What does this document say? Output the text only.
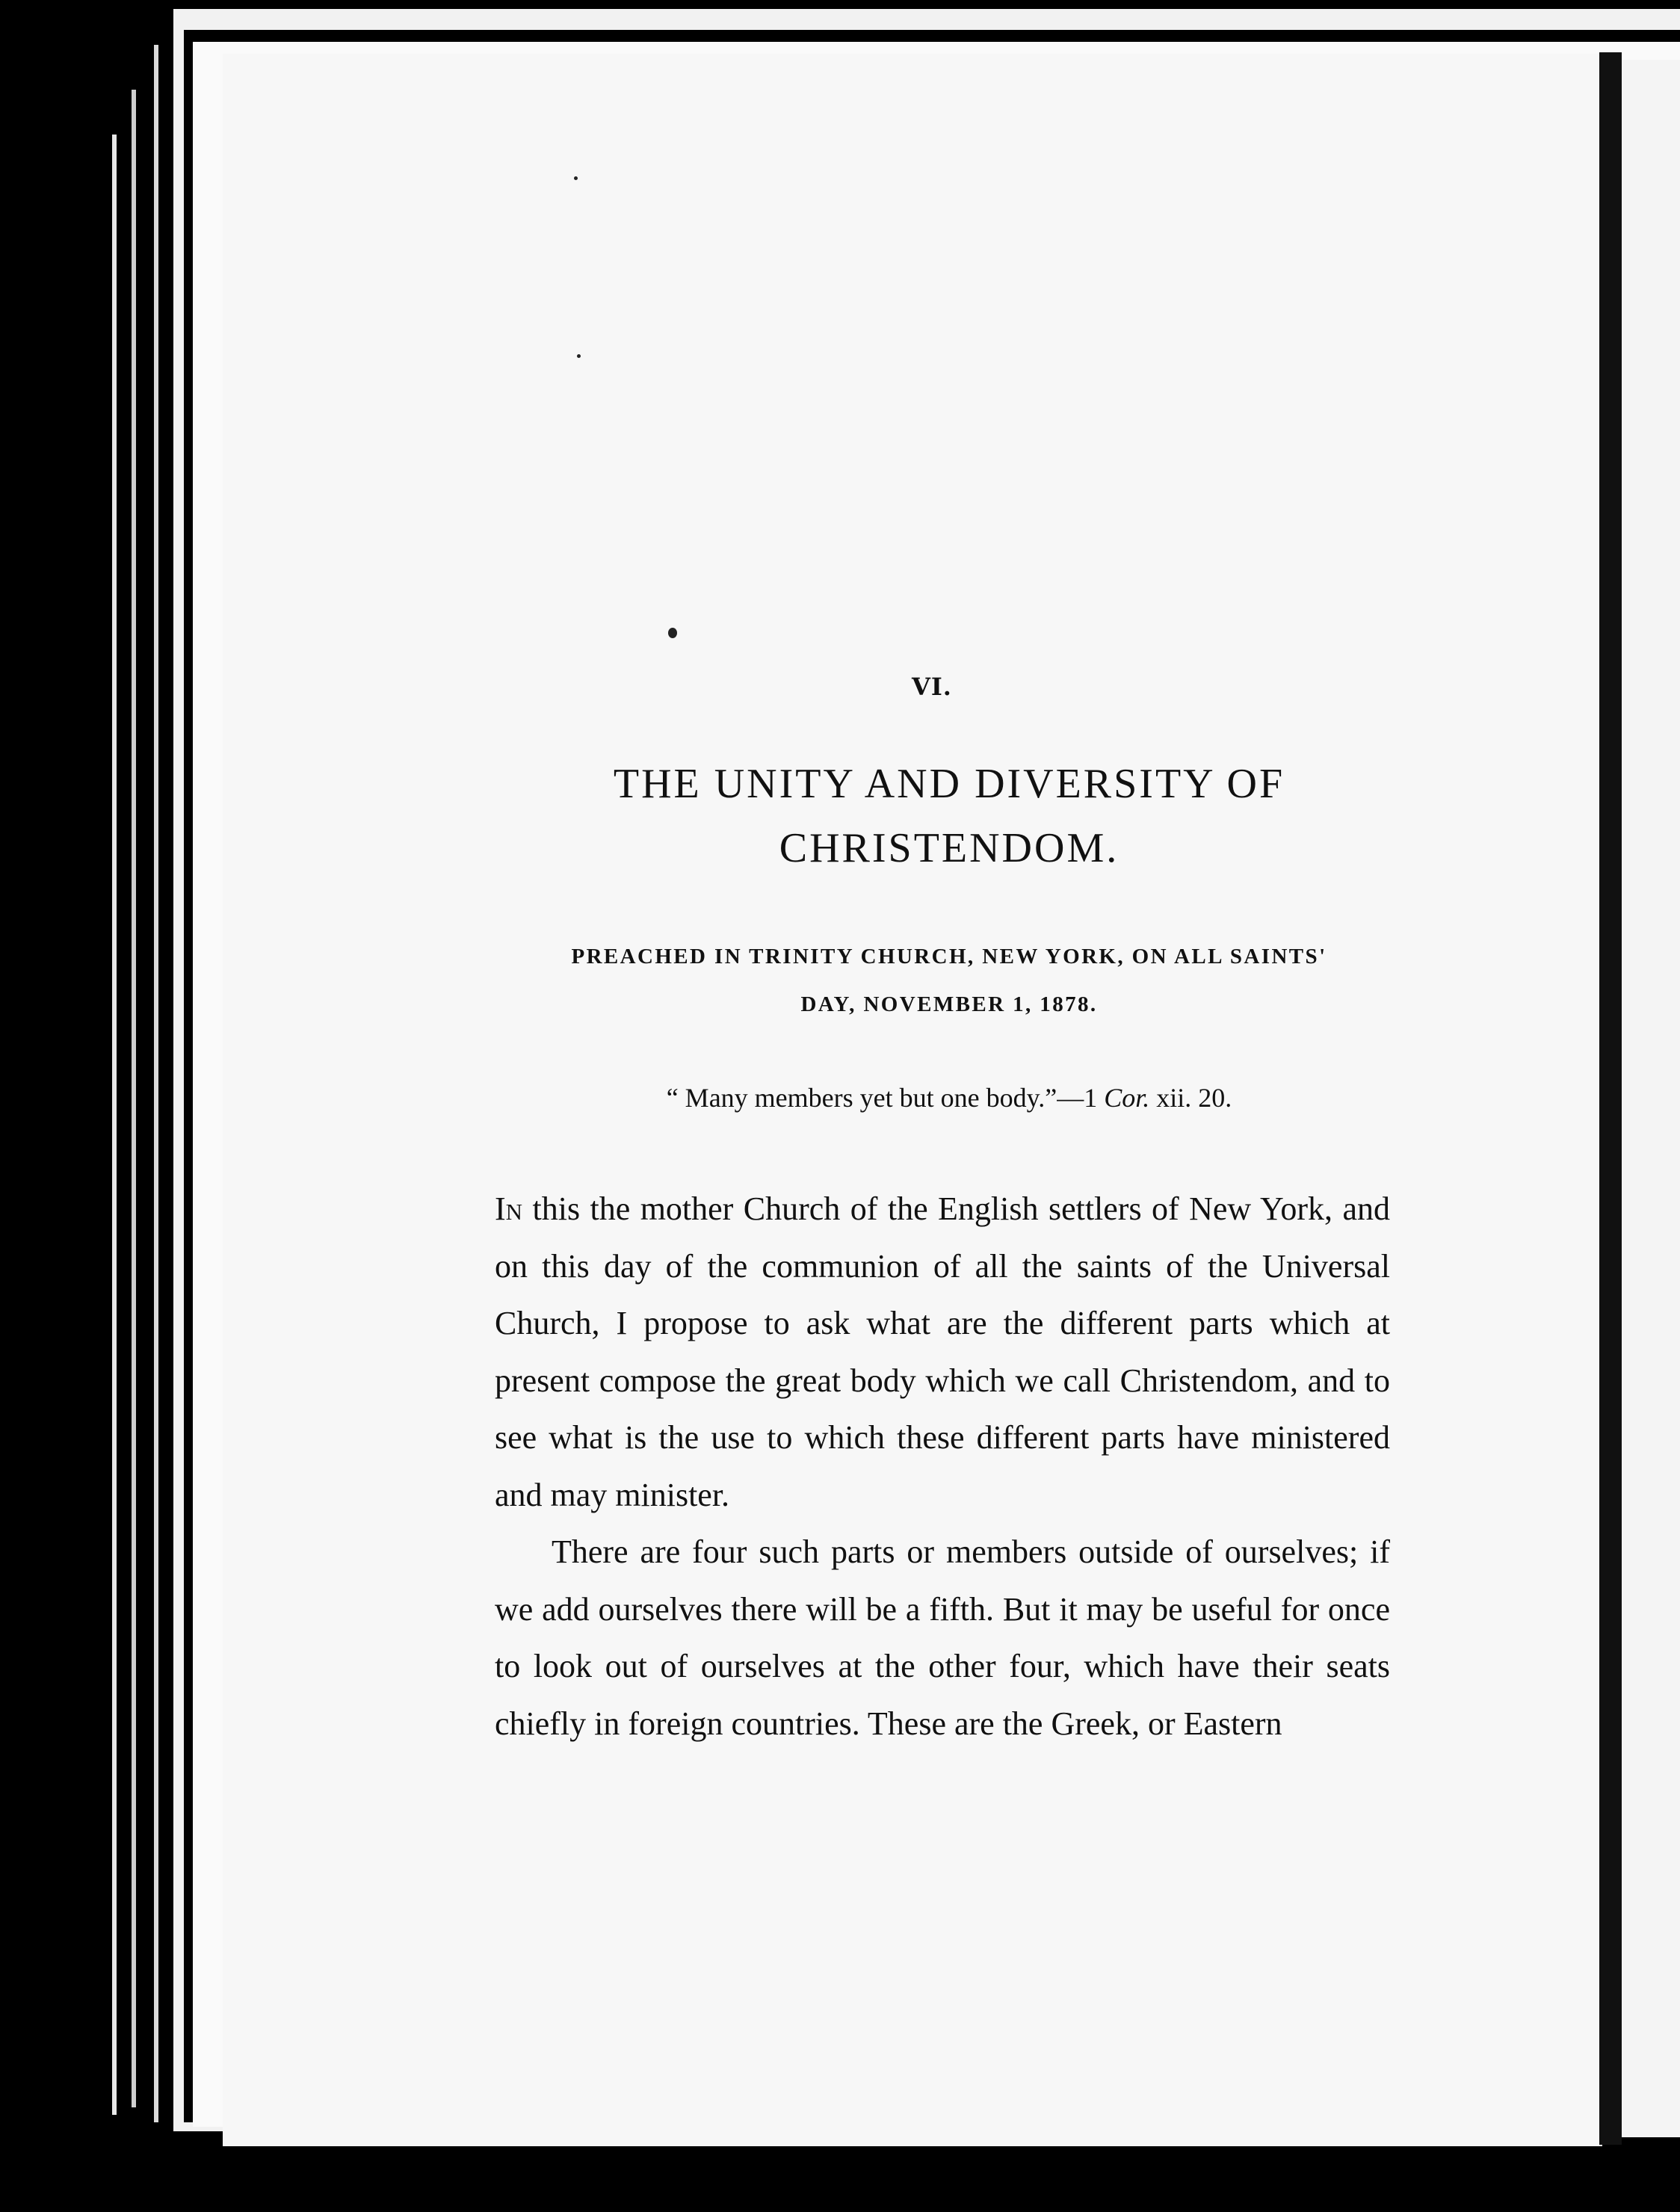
VI.
THE UNITY AND DIVERSITY OF
CHRISTENDOM.
PREACHED IN TRINITY CHURCH, NEW YORK, ON ALL SAINTS'
DAY, NOVEMBER 1, 1878.
“ Many members yet but one body.”—1 Cor. xii. 20.

In this the mother Church of the English settlers of New York, and on this day of the communion of all the saints of the Universal Church, I propose to ask what are the different parts which at present compose the great body which we call Christendom, and to see what is the use to which these different parts have ministered and may minister.

There are four such parts or members outside of ourselves; if we add ourselves there will be a fifth. But it may be useful for once to look out of ourselves at the other four, which have their seats chiefly in foreign countries. These are the Greek, or Eastern
